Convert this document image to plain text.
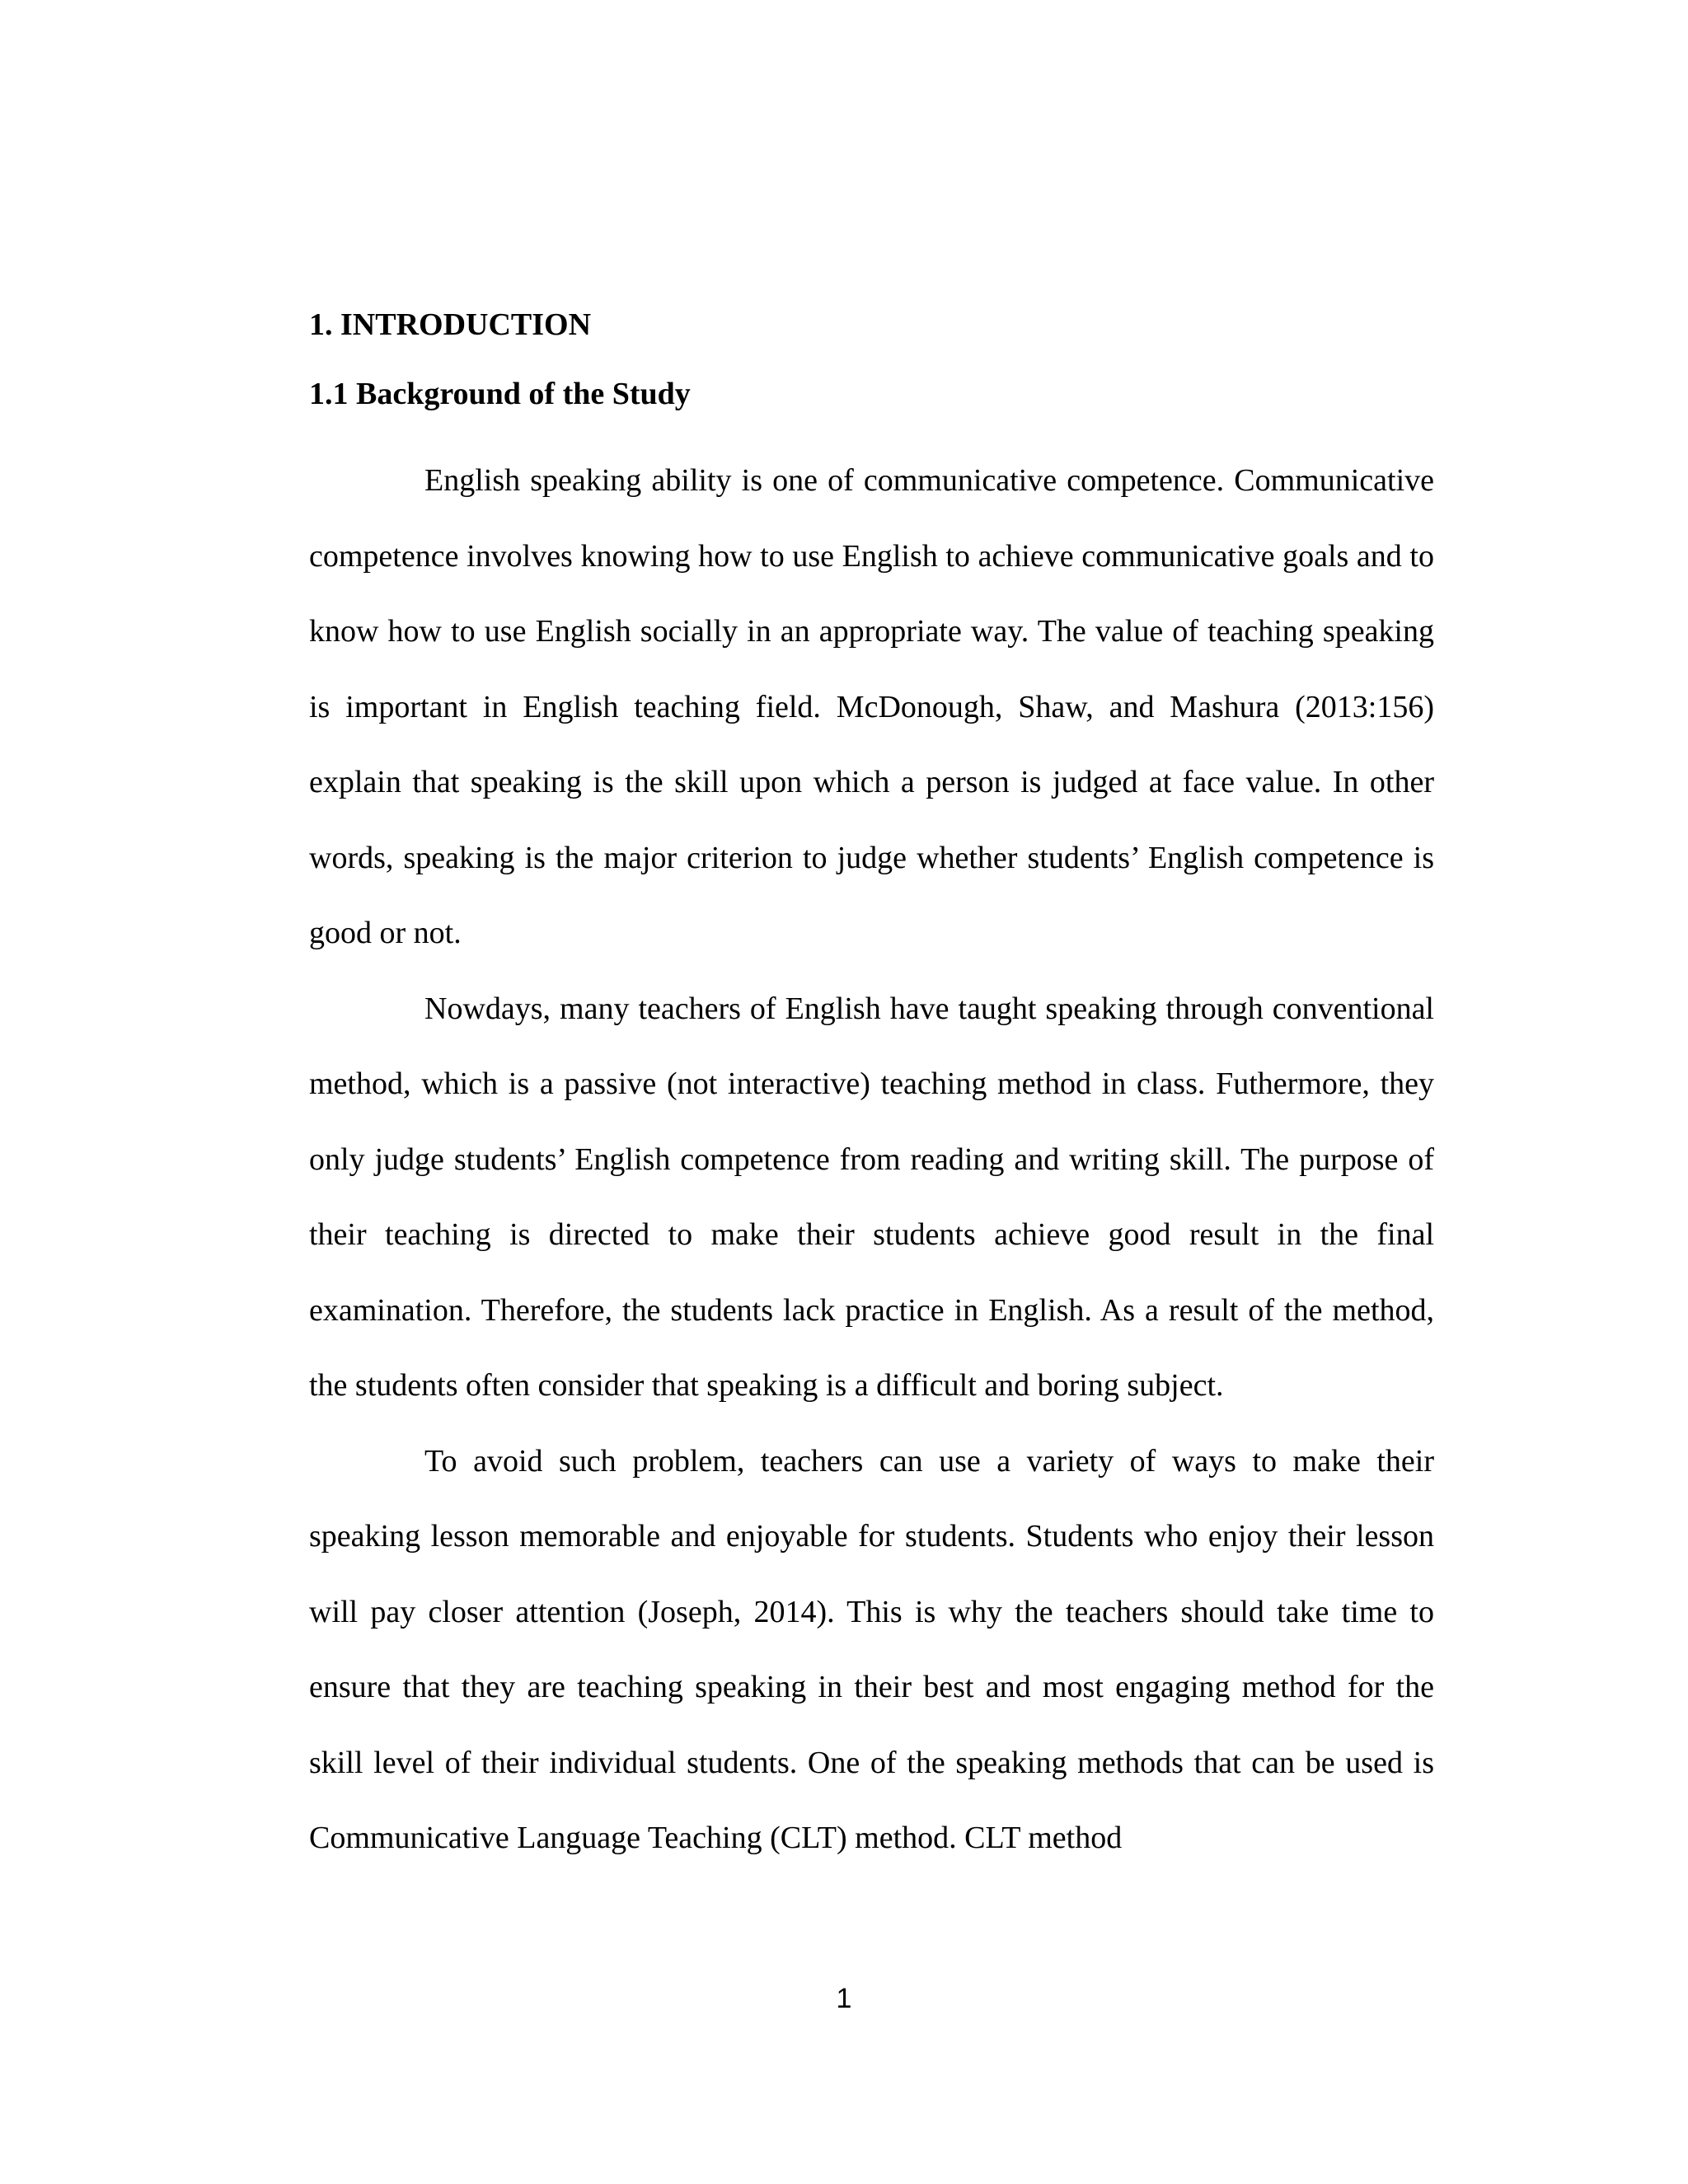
1. INTRODUCTION
1.1 Background of the Study

English speaking ability is one of communicative competence. Communicative competence involves knowing how to use English to achieve communicative goals and to know how to use English socially in an appropriate way. The value of teaching speaking is important in English teaching field. McDonough, Shaw, and Mashura (2013:156) explain that speaking is the skill upon which a person is judged at face value. In other words, speaking is the major criterion to judge whether students’ English competence is good or not.

Nowdays, many teachers of English have taught speaking through conventional method, which is a passive (not interactive) teaching method in class. Futhermore, they only judge students’ English competence from reading and writing skill. The purpose of their teaching is directed to make their students achieve good result in the final examination. Therefore, the students lack practice in English. As a result of the method, the students often consider that speaking is a difficult and boring subject.

To avoid such problem, teachers can use a variety of ways to make their speaking lesson memorable and enjoyable for students. Students who enjoy their lesson will pay closer attention (Joseph, 2014). This is why the teachers should take time to ensure that they are teaching speaking in their best and most engaging method for the skill level of their individual students. One of the speaking methods that can be used is Communicative Language Teaching (CLT) method. CLT method

1
